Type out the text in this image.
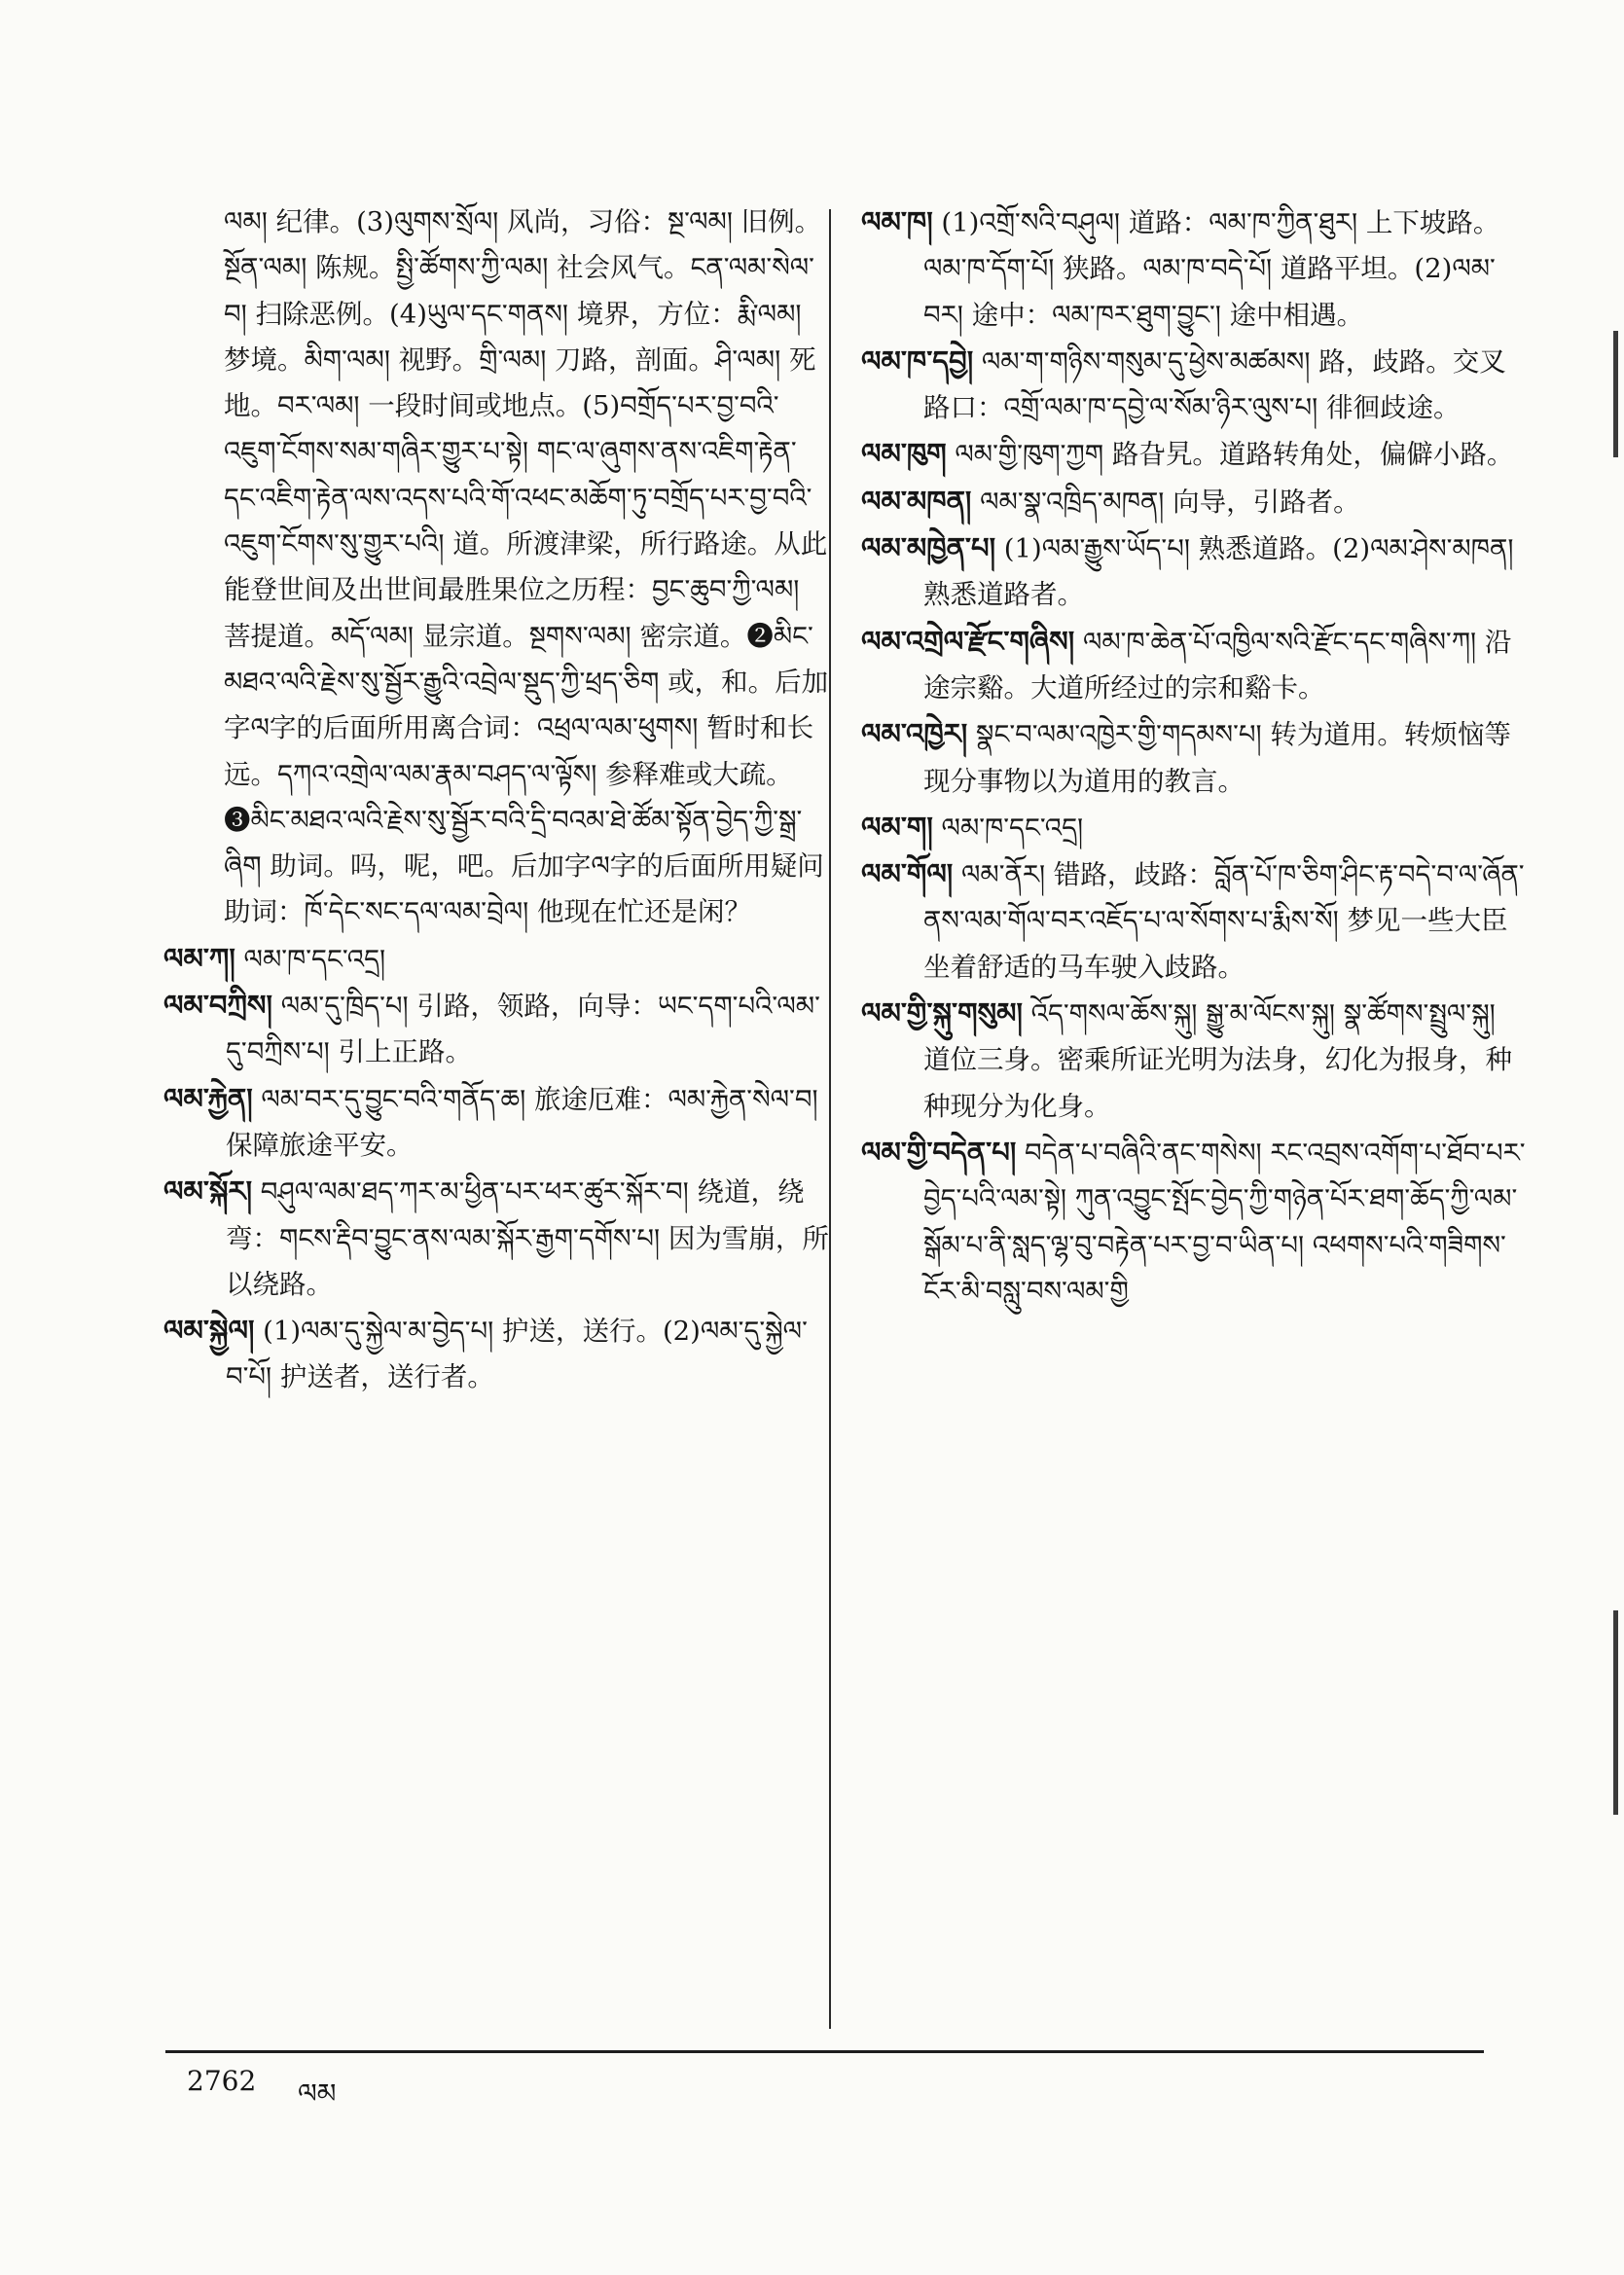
ལམ། 纪律。(3)ལུགས་སྲོལ། 风尚，习俗：སྔ་ལམ། 旧例。སྔོན་ལམ། 陈规。སྤྱི་ཚོགས་ཀྱི་ལམ། 社会风气。ངན་ལམ་སེལ་བ། 扫除恶例。(4)ཡུལ་དང་གནས། 境界，方位：རྨི་ལམ། 梦境。མིག་ལམ། 视野。གྲི་ལམ། 刀路，剖面。ཤི་ལམ། 死地。བར་ལམ། 一段时间或地点。(5)བགྲོད་པར་བྱ་བའི་འཇུག་ངོགས་སམ་གཞིར་གྱུར་པ་སྟེ། གང་ལ་ཞུགས་ནས་འཇིག་རྟེན་དང་འཇིག་རྟེན་ལས་འདས་པའི་གོ་འཕང་མཆོག་ཏུ་བགྲོད་པར་བྱ་བའི་འཇུག་ངོགས་སུ་གྱུར་པའི། 道。所渡津梁，所行路途。从此能登世间及出世间最胜果位之历程：བྱང་ཆུབ་ཀྱི་ལམ། 菩提道。མདོ་ལམ། 显宗道。སྔགས་ལམ། 密宗道。❷མིང་མཐའ་ལའི་རྗེས་སུ་སྦྱོར་རྒྱུའི་འབྲེལ་སྡུད་ཀྱི་ཕྲད་ཅིག 或，和。后加字ལ字的后面所用离合词：འཕྲལ་ལམ་ཕུགས། 暂时和长远。དཀའ་འགྲེལ་ལམ་རྣམ་བཤད་ལ་ལྟོས། 参释难或大疏。❸མིང་མཐའ་ལའི་རྗེས་སུ་སྦྱོར་བའི་དྲི་བའམ་ཐེ་ཚོམ་སྟོན་བྱེད་ཀྱི་སྒྲ་ཞིག 助词。吗，呢，吧。后加字ལ字的后面所用疑问助词：ཁོ་དེང་སང་དལ་ལམ་བྲེལ། 他现在忙还是闲？

ལམ་ཀ། ལམ་ཁ་དང་འདྲ།

ལམ་བཀྲིས། ལམ་དུ་ཁྲིད་པ། 引路，领路，向导：ཡང་དག་པའི་ལམ་དུ་བཀྲིས་པ། 引上正路。

ལམ་རྐྱེན། ལམ་བར་དུ་བྱུང་བའི་གནོད་ཆ། 旅途厄难：ལམ་རྐྱེན་སེལ་བ། 保障旅途平安。

ལམ་སྐོར། བཤུལ་ལམ་ཐད་ཀར་མ་ཕྱིན་པར་ཕར་ཚུར་སྐོར་བ། 绕道，绕弯：གངས་རྡིབ་བྱུང་ནས་ལམ་སྐོར་རྒྱག་དགོས་པ། 因为雪崩，所以绕路。

ལམ་སྐྱེལ། (1)ལམ་དུ་སྐྱེལ་མ་བྱེད་པ། 护送，送行。(2)ལམ་དུ་སྐྱེལ་བ་པོ། 护送者，送行者。

ལམ་ཁ། (1)འགྲོ་སའི་བཤུལ། 道路：ལམ་ཁ་ཀྱིན་ཐུར། 上下坡路。ལམ་ཁ་དོག་པོ། 狭路。ལམ་ཁ་བདེ་པོ། 道路平坦。(2)ལམ་བར། 途中：ལམ་ཁར་ཐུག་བྱུང་། 途中相遇。

ལམ་ཁ་དབྱེ། ལམ་ག་གཉིས་གསུམ་དུ་ཕྱེས་མཚམས། 路，歧路。交叉路口：འགྲོ་ལམ་ཁ་དབྱེ་ལ་སོམ་ཉིར་ལུས་པ། 徘徊歧途。

ལམ་ཁུག ལམ་གྱི་ཁུག་ཀྱག 路旮旯。道路转角处，偏僻小路。

ལམ་མཁན། ལམ་སྣ་འཁྲིད་མཁན། 向导，引路者。

ལམ་མཁྱེན་པ། (1)ལམ་རྒྱུས་ཡོད་པ། 熟悉道路。(2)ལམ་ཤེས་མཁན། 熟悉道路者。

ལམ་འགྲེལ་རྫོང་གཞིས། ལམ་ཁ་ཆེན་པོ་འཁྱིལ་སའི་རྫོང་དང་གཞིས་ཀ། 沿途宗谿。大道所经过的宗和谿卡。

ལམ་འཁྱེར། སྣང་བ་ལམ་འཁྱེར་གྱི་གདམས་པ། 转为道用。转烦恼等现分事物以为道用的教言。

ལམ་ག། ལམ་ཁ་དང་འདྲ།

ལམ་གོལ། ལམ་ནོར། 错路，歧路：བློན་པོ་ཁ་ཅིག་ཤིང་རྟ་བདེ་བ་ལ་ཞོན་ནས་ལམ་གོལ་བར་འཇོད་པ་ལ་སོགས་པ་རྨིས་སོ། 梦见一些大臣坐着舒适的马车驶入歧路。

ལམ་གྱི་སྐུ་གསུམ། འོད་གསལ་ཆོས་སྐུ། སྒྱུ་མ་ལོངས་སྐུ། སྣ་ཚོགས་སྤྲུལ་སྐུ། 道位三身。密乘所证光明为法身，幻化为报身，种种现分为化身。

ལམ་གྱི་བདེན་པ། བདེན་པ་བཞིའི་ནང་གསེས། རང་འབྲས་འགོག་པ་ཐོབ་པར་བྱེད་པའི་ལམ་སྟེ། ཀུན་འབྱུང་སྤོང་བྱེད་ཀྱི་གཉེན་པོར་ཐག་ཆོད་ཀྱི་ལམ་སྒོམ་པ་ནི་སླད་ལྷ་བུ་བརྟེན་པར་བྱ་བ་ཡིན་པ། འཕགས་པའི་གཟིགས་ངོར་མི་བསླུ་བས་ལམ་གྱི

2762 ལམ
